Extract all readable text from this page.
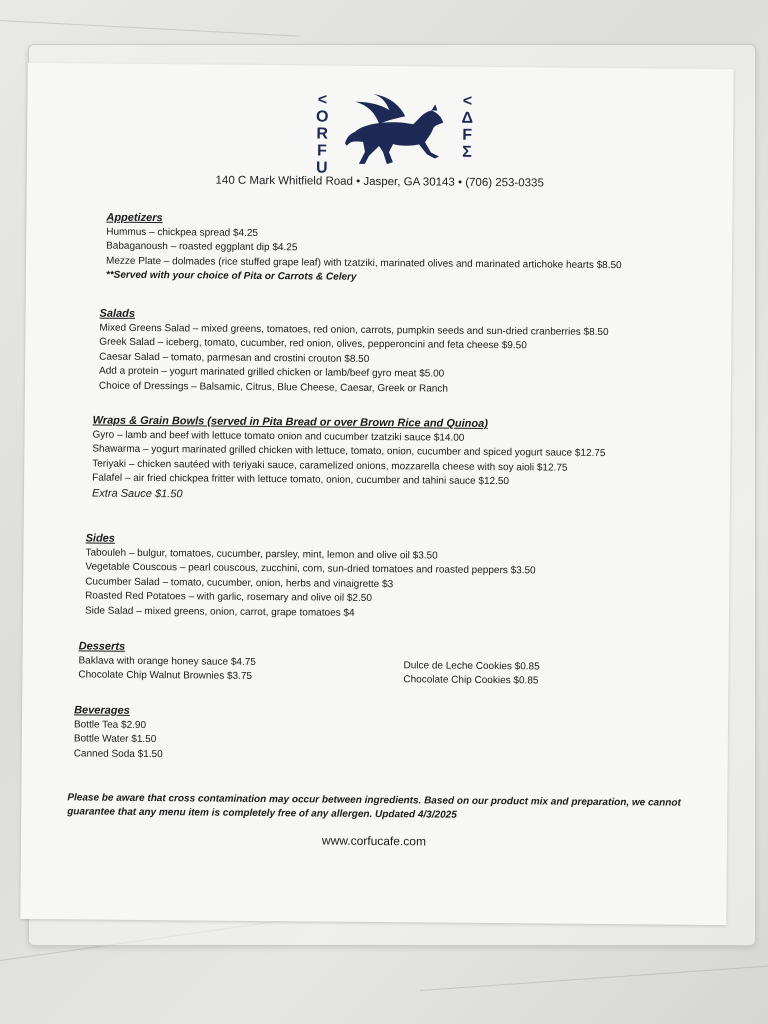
<
O
R
F
U
<
Δ
F
Σ
140 C Mark Whitfield Road • Jasper, GA 30143 • (706) 253-0335
Appetizers
Hummus – chickpea spread $4.25
Babaganoush – roasted eggplant dip $4.25
Mezze Plate – dolmades (rice stuffed grape leaf) with tzatziki, marinated olives and marinated artichoke hearts $8.50
**Served with your choice of Pita or Carrots & Celery
Salads
Mixed Greens Salad – mixed greens, tomatoes, red onion, carrots, pumpkin seeds and sun-dried cranberries $8.50
Greek Salad – iceberg, tomato, cucumber, red onion, olives, pepperoncini and feta cheese $9.50
Caesar Salad – tomato, parmesan and crostini crouton $8.50
Add a protein – yogurt marinated grilled chicken or lamb/beef gyro meat $5.00
Choice of Dressings – Balsamic, Citrus, Blue Cheese, Caesar, Greek or Ranch
Wraps & Grain Bowls (served in Pita Bread or over Brown Rice and Quinoa)
Gyro – lamb and beef with lettuce tomato onion and cucumber tzatziki sauce $14.00
Shawarma – yogurt marinated grilled chicken with lettuce, tomato, onion, cucumber and spiced yogurt sauce $12.75
Teriyaki – chicken sautéed with teriyaki sauce, caramelized onions, mozzarella cheese with soy aioli $12.75
Falafel – air fried chickpea fritter with lettuce tomato, onion, cucumber and tahini sauce $12.50
Extra Sauce $1.50
Sides
Tabouleh – bulgur, tomatoes, cucumber, parsley, mint, lemon and olive oil $3.50
Vegetable Couscous – pearl couscous, zucchini, corn, sun-dried tomatoes and roasted peppers $3.50
Cucumber Salad – tomato, cucumber, onion, herbs and vinaigrette $3
Roasted Red Potatoes – with garlic, rosemary and olive oil $2.50
Side Salad – mixed greens, onion, carrot, grape tomatoes $4
Desserts
Baklava with orange honey sauce $4.75
Chocolate Chip Walnut Brownies $3.75
Dulce de Leche Cookies $0.85
Chocolate Chip Cookies $0.85
Beverages
Bottle Tea $2.90
Bottle Water $1.50
Canned Soda $1.50
Please be aware that cross contamination may occur between ingredients. Based on our product mix and preparation, we cannot guarantee that any menu item is completely free of any allergen. Updated 4/3/2025
www.corfucafe.com
